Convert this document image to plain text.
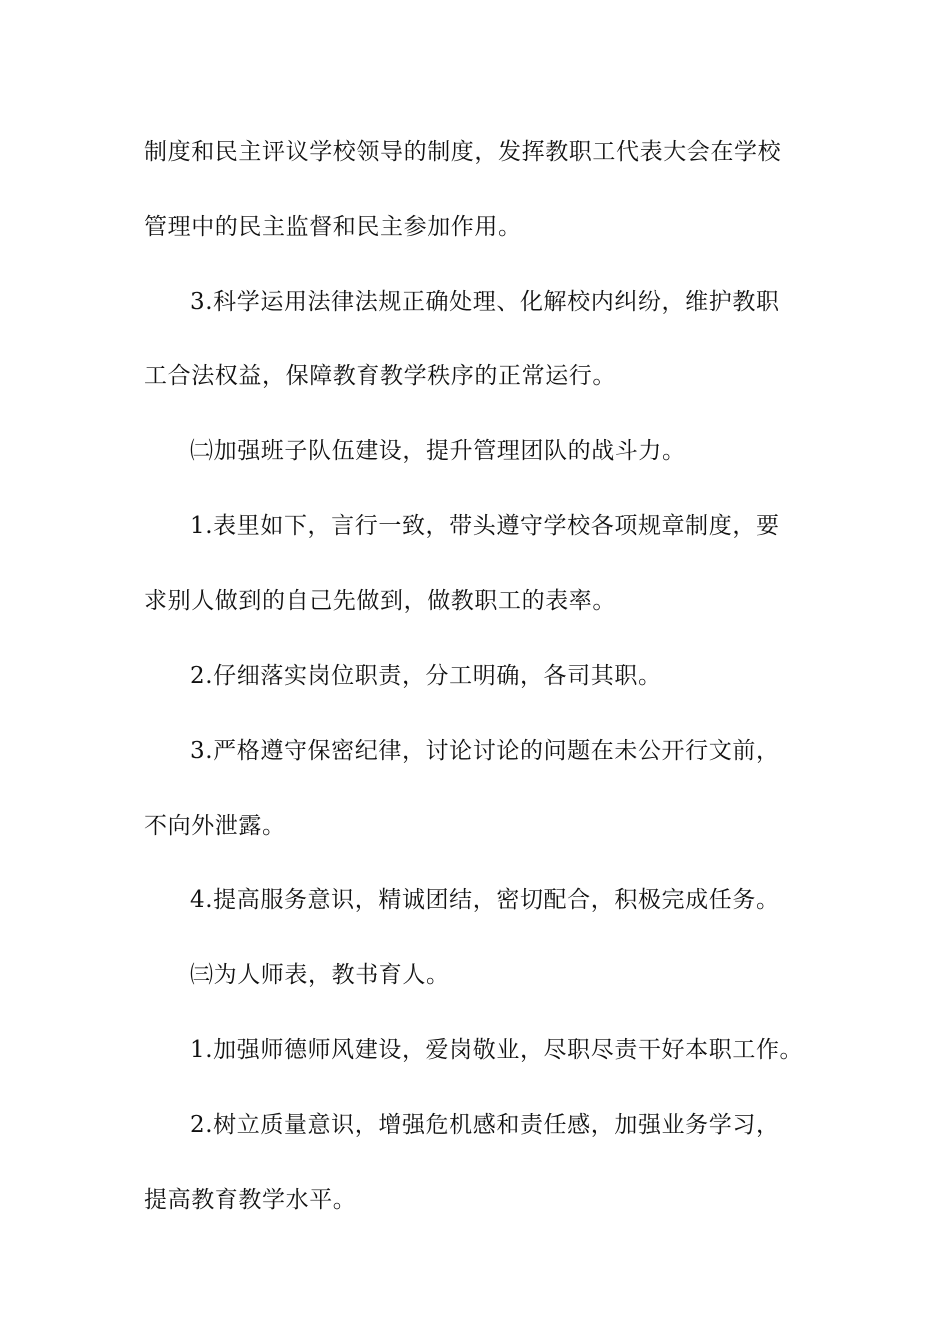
制度和民主评议学校领导的制度，发挥教职工代表大会在学校
管理中的民主监督和民主参加作用。
3.科学运用法律法规正确处理、化解校内纠纷，维护教职
工合法权益，保障教育教学秩序的正常运行。
㈡加强班子队伍建设，提升管理团队的战斗力。
1.表里如下，言行一致，带头遵守学校各项规章制度，要
求别人做到的自己先做到，做教职工的表率。
2.仔细落实岗位职责，分工明确，各司其职。
3.严格遵守保密纪律，讨论讨论的问题在未公开行文前，
不向外泄露。
4.提高服务意识，精诚团结，密切配合，积极完成任务。
㈢为人师表，教书育人。
1.加强师德师风建设，爱岗敬业，尽职尽责干好本职工作。
2.树立质量意识，增强危机感和责任感，加强业务学习，
提高教育教学水平。
